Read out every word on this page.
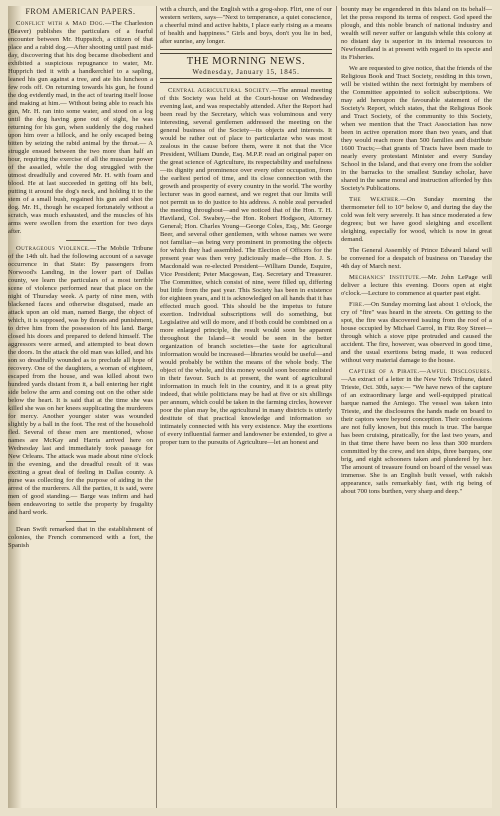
FROM AMERICAN PAPERS.

Conflict with a Mad Dog.—The Charleston (Beaver) publishes the particulars of a fearful encounter between Mr. Huppsitch, a citizen of that place and a rabid dog.—After shooting until past mid-day, discovering that his dog became disobedient and exhibited a suspicious repugnance to water, Mr. Hupprich tied it with a handkerchief to a sapling, leaned his gun against a tree, and ate his luncheon a few rods off. On returning towards his gun, he found the dog evidently mad, in the act of tearing itself loose and making at him.— Without being able to reach his gun, Mr. H. ran into some water, and stood on a log until the dog having gone out of sight, he was returning for his gun, when suddenly the dog rushed upon him over a hillock, and he only escaped being bitten by seizing the rabid animal by the throat.— A struggle ensued between the two more than half an hour, requiring the exercise of all the muscular power of the assailed, while the dog struggled with the utmost dreadfully and covered Mr. H. with foam and blood. He at last succeeded in getting off his belt, putting it around the dog's neck, and holding it to the stem of a small bush, regained his gun and shot the dog. Mr. H., though he escaped fortunately without a scratch, was much exhausted, and the muscles of his arms were swollen from the exertion for two days after.

Outrageous Violence.—The Mobile Tribune of the 14th ult. had the following account of a savage occurrence in that State: By passengers from Norwood's Landing, in the lower part of Dallas county, we learn the particulars of a most terrible scene of violence performed near that place on the night of Thursday week. A party of nine men, with blackened faces and otherwise disguised, made an attack upon an old man, named Barge, the object of which, it is supposed, was by threats and punishment, to drive him from the possession of his land. Barge closed his doors and prepared to defend himself. The aggressors were armed, and attempted to beat down the doors. In the attack the old man was killed, and his son so dreadfully wounded as to preclude all hope of recovery. One of the daughters, a woman of eighteen, escaped from the house, and was killed about two hundred yards distant from it, a ball entering her right side below the arm and coming out on the other side below the heart. It is said that at the time she was killed she was on her knees supplicating the murderers for mercy. Another younger sister was wounded slightly by a ball in the foot. The rest of the household fled. Several of these men are mentioned, whose names are McKay and Harris arrived here on Wednesday last and immediately took passage for New Orleans. The attack was made about nine o'clock in the evening, and the dreadful result of it was exciting a great deal of feeling in Dallas county. A purse was collecting for the purpose of aiding in the arrest of the murderers. All the parties, it is said, were men of good standing.— Barge was infirm and had been endeavoring to settle the property by frugality and hard work.

Dean Swift remarked that in the establishment of colonies, the French commenced with a fort, the Spanish

with a church, and the English with a grog-shop. Flirt, one of our western writers, says—"Next to temperance, a quiet conscience, a cheerful mind and active habits, I place early rising as a means of health and happiness." Girls and boys, don't you lie in bed, after sunrise, any longer.

THE MORNING NEWS.
Wednesday, January 15, 1845.

Central Agricultural Society.—The annual meeting of this Society was held at the Court-house on Wednesday evening last, and was respectably attended. After the Report had been read by the Secretary, which was voluminous and very interesting, several gentlemen addressed the meeting on the general business of the Society—its objects and interests. It would be rather out of place to particularize who was most zealous in the cause before them, were it not that the Vice President, William Dunde, Esq. M.P.P. read an original paper on the great science of Agriculture, its respectability and usefulness—its dignity and prominence over every other occupation, from the earliest period of time, and its close connection with the growth and prosperity of every country in the world. The worthy lecturer was in good earnest, and we regret that our limits will not permit us to do justice to his address. A noble zeal pervaded the meeting throughout—and we noticed that of the Hon. T. H. Haviland, Col. Swabey,—the Hon. Robert Hodgson, Attorney General; Hon. Charles Young—George Coles, Esq., Mr. George Beer, and several other gentlemen, with whose names we were not familiar—as being very prominent in promoting the objects for which they had assembled. The Election of Officers for the present year was then very judiciously made—the Hon. J. S. Macdonald was re-elected President—William Dunde, Esquire, Vice President; Peter Macgowan, Esq. Secretary and Treasurer. The Committee, which consist of nine, were filled up, differing but little from the past year. This Society has been in existence for eighteen years, and it is acknowledged on all hands that it has effected much good. This should be the impetus to future exertion. Individual subscriptions will do something, but Legislative aid will do more, and if both could be combined on a more enlarged principle, the result would soon be apparent throughout the Island—it would be seen in the better organization of branch societies—the taste for agricultural information would be increased—libraries would be useful—and would probably be within the means of the whole body. The object of the whole, and this money would soon become enlisted in their favour. Such is at present, the want of agricultural information in much felt in the country, and it is a great pity indeed, that while politicians may be had at five or six shillings per annum, which could be taken in the farming circles, however poor the plan may be, the agricultural in many districts is utterly destitute of that practical knowledge and information so intimately connected with his very existence. May the exertions of every influential farmer and landowner be extended, to give a proper turn to the pursuits of Agriculture—let an honest and

bounty may be engendered in this Island on its behalf—let the press respond its terms of respect. God speed the plough, and this noble branch of national industry and wealth will never suffer or languish while this colony at no distant day is superior in its internal resources to Newfoundland is at present with regard to its specie and its Fisheries.

We are requested to give notice, that the friends of the Religious Book and Tract Society, residing in this town, will be visited within the next fortnight by members of the Committee appointed to solicit subscriptions. We may add hereupon the favourable statement of the Society's Report, which states, that the Religious Book and Tract Society, of the community to this Society, when we mention that the Tract Association has now been in active operation more than two years, and that they would reach more than 500 families and distribute 1600 Tracts;—that grants of Tracts have been made to nearly every protestant Minister and every Sunday School in the Island, and that every one from the soldier in the barracks to the smallest Sunday scholar, have shared in the same moral and instruction afforded by this Society's Publications.

The Weather.—On Sunday morning the thermometer fell to 10° below 0, and during the day the cold was felt very severely. It has since moderated a few degrees; but we have good sleighing and excellent sleighing, especially for wood, which is now in great demand.

The General Assembly of Prince Edward Island will be convened for a despatch of business on Tuesday the 4th day of March next.

Mechanics' Institute.—Mr. John LePage will deliver a lecture this evening. Doors open at eight o'clock.—Lecture to commence at quarter past eight.

Fire.—On Sunday morning last about 1 o'clock, the cry of "fire" was heard in the streets. On getting to the spot, the fire was discovered issuing from the roof of a house occupied by Michael Carrol, in Fitz Roy Street—through which a stove pipe protruded and caused the accident. The fire, however, was observed in good time, and the usual exertions being made, it was reduced without very material damage to the house.

Capture of a Pirate.—Awful Disclosures.—An extract of a letter in the New York Tribune, dated Trieste, Oct. 30th, says:— "We have news of the capture of an extraordinary large and well-equipped piratical barque named the Amiego. The vessel was taken into Trieste, and the disclosures the hands made on board to their captors were beyond conception. Their confessions are not fully known, but this much is true. The barque has been cruising, piratically, for the last two years, and in that time there have been no less than 300 murders committed by the crew, and ten ships, three barques, one brig, and eight schooners taken and plundered by her. The amount of treasure found on board of the vessel was immense. She is an English built vessel, with rakish appearance, sails remarkably fast, with rig being of about 700 tons burthen, very sharp and deep."
